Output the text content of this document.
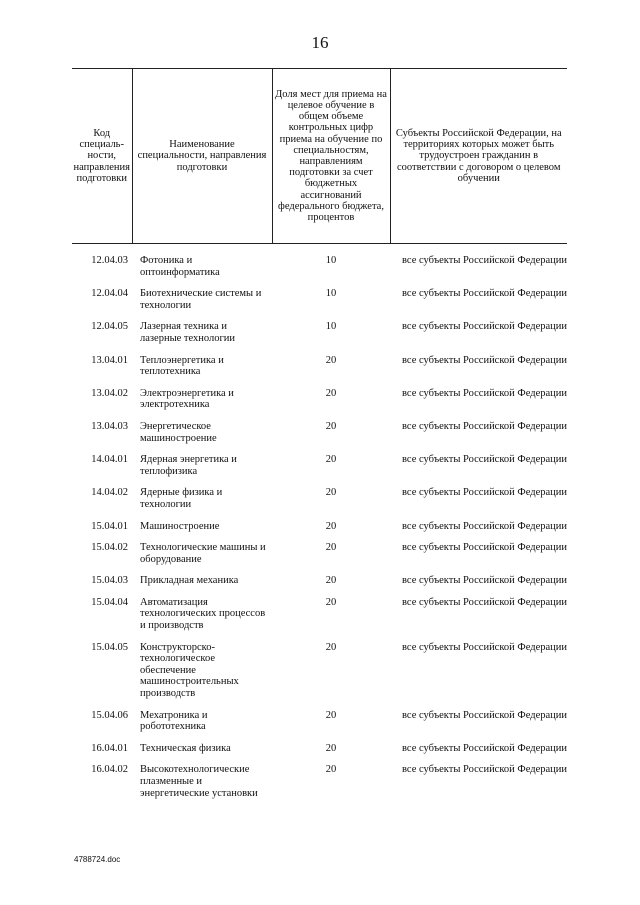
16
Код специаль-ности, направления подготовки	Наименование специальности, направления подготовки	Доля мест для приема на целевое обучение в общем объеме контрольных цифр приема на обучение по специальностям, направлениям подготовки за счет бюджетных ассигнований федерального бюджета, процентов	Субъекты Российской Федерации, на территориях которых может быть трудоустроен гражданин в соответствии с договором о целевом обучении
12.04.03	Фотоника и оптоинформатика	10	все субъекты Российской Федерации
12.04.04	Биотехнические системы и технологии	10	все субъекты Российской Федерации
12.04.05	Лазерная техника и лазерные технологии	10	все субъекты Российской Федерации
13.04.01	Теплоэнергетика и теплотехника	20	все субъекты Российской Федерации
13.04.02	Электроэнергетика и электротехника	20	все субъекты Российской Федерации
13.04.03	Энергетическое машиностроение	20	все субъекты Российской Федерации
14.04.01	Ядерная энергетика и теплофизика	20	все субъекты Российской Федерации
14.04.02	Ядерные физика и технологии	20	все субъекты Российской Федерации
15.04.01	Машиностроение	20	все субъекты Российской Федерации
15.04.02	Технологические машины и оборудование	20	все субъекты Российской Федерации
15.04.03	Прикладная механика	20	все субъекты Российской Федерации
15.04.04	Автоматизация технологических процессов и производств	20	все субъекты Российской Федерации
15.04.05	Конструкторско-технологическое обеспечение машиностроительных производств	20	все субъекты Российской Федерации
15.04.06	Мехатроника и робототехника	20	все субъекты Российской Федерации
16.04.01	Техническая физика	20	все субъекты Российской Федерации
16.04.02	Высокотехнологические плазменные и энергетические установки	20	все субъекты Российской Федерации
4788724.doc
